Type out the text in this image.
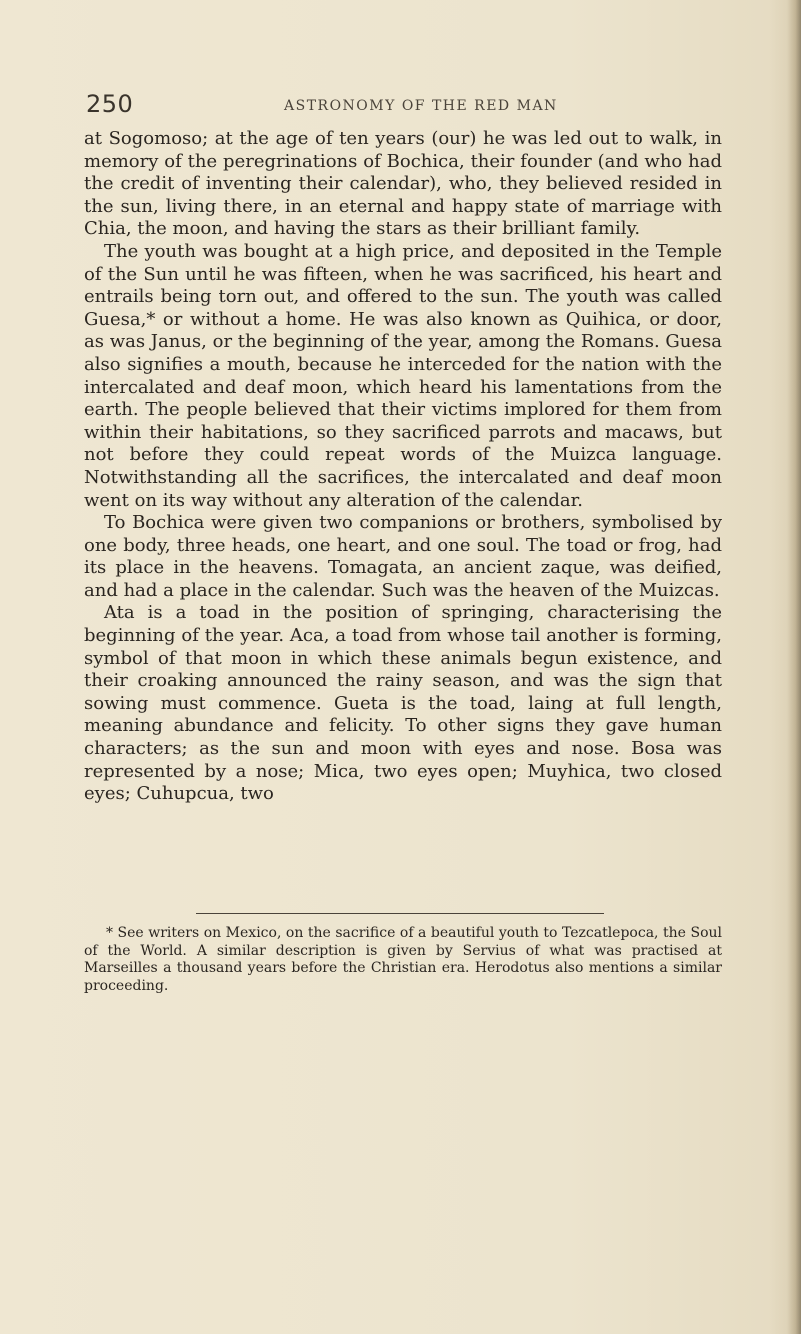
250	ASTRONOMY OF THE RED MAN

at Sogomoso; at the age of ten years (our) he was led out to walk, in memory of the peregrinations of Bochica, their founder (and who had the credit of inventing their calendar), who, they believed resided in the sun, living there, in an eternal and happy state of marriage with Chia, the moon, and having the stars as their brilliant family.

The youth was bought at a high price, and deposited in the Temple of the Sun until he was fifteen, when he was sacrificed, his heart and entrails being torn out, and offered to the sun. The youth was called Guesa,* or without a home. He was also known as Quihica, or door, as was Janus, or the beginning of the year, among the Romans. Guesa also signifies a mouth, because he interceded for the nation with the intercalated and deaf moon, which heard his lamentations from the earth. The people believed that their victims implored for them from within their habitations, so they sacrificed parrots and macaws, but not before they could repeat words of the Muizca language. Notwithstanding all the sacrifices, the intercalated and deaf moon went on its way without any alteration of the calendar.

To Bochica were given two companions or brothers, symbolised by one body, three heads, one heart, and one soul. The toad or frog, had its place in the heavens. Tomagata, an ancient zaque, was deified, and had a place in the calendar. Such was the heaven of the Muizcas.

Ata is a toad in the position of springing, characterising the beginning of the year. Aca, a toad from whose tail another is forming, symbol of that moon in which these animals begun existence, and their croaking announced the rainy season, and was the sign that sowing must commence. Gueta is the toad, laing at full length, meaning abundance and felicity. To other signs they gave human characters; as the sun and moon with eyes and nose. Bosa was represented by a nose; Mica, two eyes open; Muyhica, two closed eyes; Cuhupcua, two

* See writers on Mexico, on the sacrifice of a beautiful youth to Tezcatlepoca, the Soul of the World. A similar description is given by Servius of what was practised at Marseilles a thousand years before the Christian era. Herodotus also mentions a similar proceeding.
